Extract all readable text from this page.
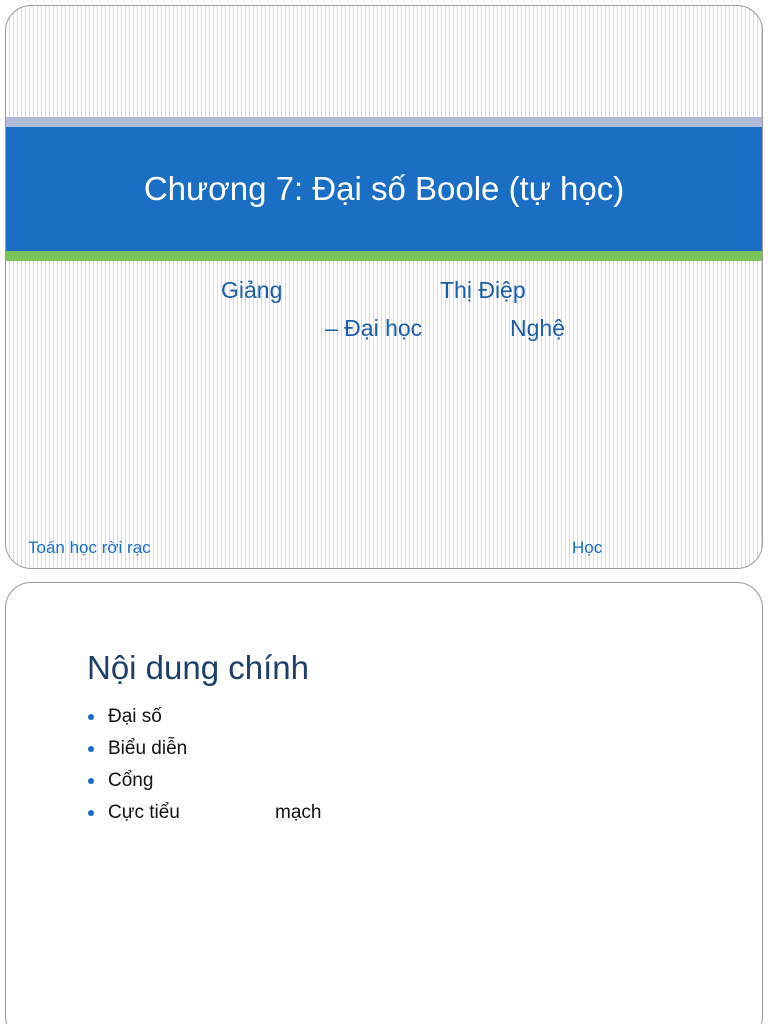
Chương 7: Đại số Boole (tự học)
Giảng	Thị Điệp
– Đại học	Nghệ
Toán học rời rạc	Học
Nội dung chính
Đại số
Biểu diễn
Cổng
Cực tiểu	mạch
